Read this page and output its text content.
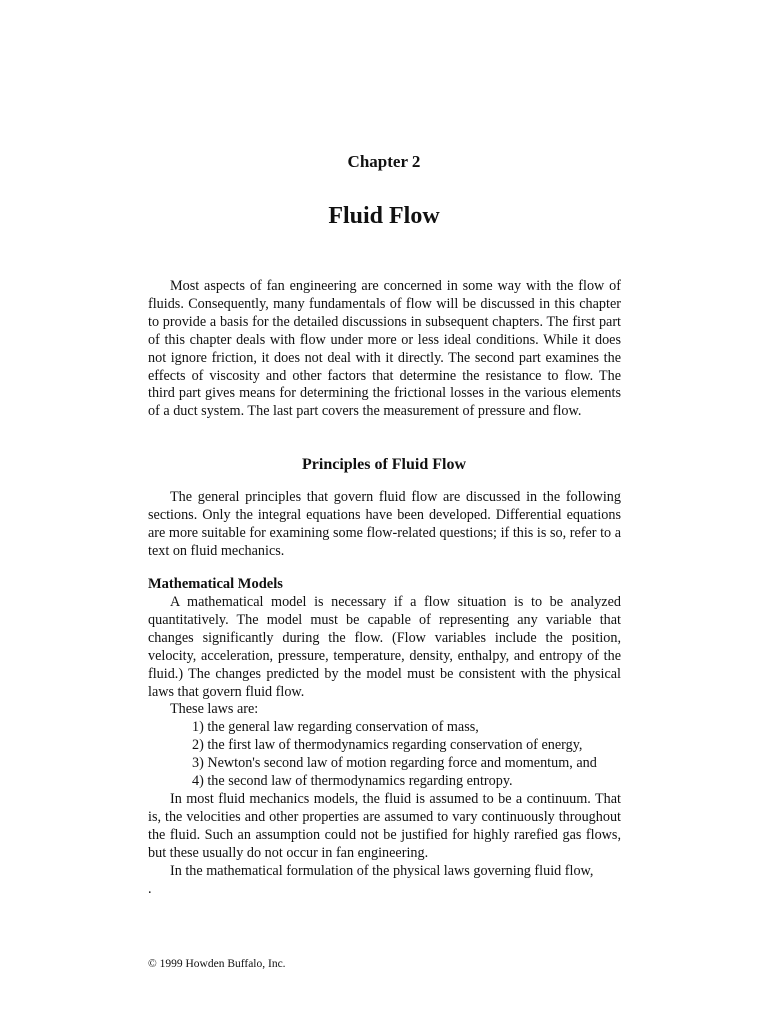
Chapter 2
Fluid Flow

Most aspects of fan engineering are concerned in some way with the flow of fluids. Consequently, many fundamentals of flow will be discussed in this chapter to provide a basis for the detailed discussions in subsequent chapters. The first part of this chapter deals with flow under more or less ideal conditions. While it does not ignore friction, it does not deal with it directly. The second part examines the effects of viscosity and other factors that determine the resistance to flow. The third part gives means for determining the frictional losses in the various elements of a duct system. The last part covers the measurement of pressure and flow.

Principles of Fluid Flow

The general principles that govern fluid flow are discussed in the following sections. Only the integral equations have been developed. Differential equations are more suitable for examining some flow-related questions; if this is so, refer to a text on fluid mechanics.

Mathematical Models

A mathematical model is necessary if a flow situation is to be analyzed quantitatively. The model must be capable of representing any variable that changes significantly during the flow. (Flow variables include the position, velocity, acceleration, pressure, temperature, density, enthalpy, and entropy of the fluid.) The changes predicted by the model must be consistent with the physical laws that govern fluid flow.

These laws are:

1) the general law regarding conservation of mass,
2) the first law of thermodynamics regarding conservation of energy,
3) Newton's second law of motion regarding force and momentum, and
4) the second law of thermodynamics regarding entropy.

In most fluid mechanics models, the fluid is assumed to be a continuum. That is, the velocities and other properties are assumed to vary continuously throughout the fluid. Such an assumption could not be justified for highly rarefied gas flows, but these usually do not occur in fan engineering.

In the mathematical formulation of the physical laws governing fluid flow,

.
© 1999 Howden Buffalo, Inc.
